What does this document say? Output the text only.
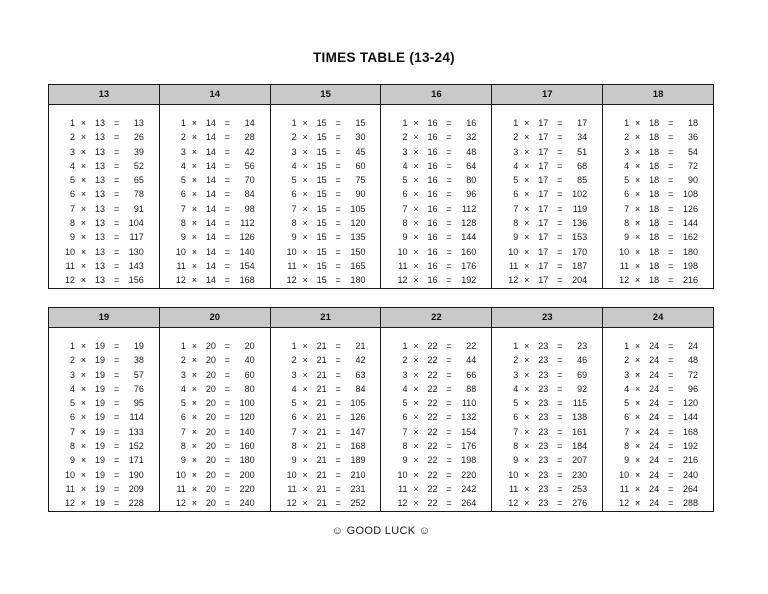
TIMES TABLE (13-24)
13	14	15	16	17	18

1 × 13 =	13
2 × 13 =	26
3 × 13 =	39
4 × 13 =	52
5 × 13 =	65
6 × 13 =	78
7 × 13 =	91
8 × 13 =	104
9 × 13 =	117
10 × 13 =	130
11 × 13 =	143
12 × 13 =	156

1 × 14 =	14
2 × 14 =	28
3 × 14 =	42
4 × 14 =	56
5 × 14 =	70
6 × 14 =	84
7 × 14 =	98
8 × 14 =	112
9 × 14 =	126
10 × 14 =	140
11 × 14 =	154
12 × 14 =	168

1 × 15 =	15
2 × 15 =	30
3 × 15 =	45
4 × 15 =	60
5 × 15 =	75
6 × 15 =	90
7 × 15 =	105
8 × 15 =	120
9 × 15 =	135
10 × 15 =	150
11 × 15 =	165
12 × 15 =	180

1 × 16 =	16
2 × 16 =	32
3 × 16 =	48
4 × 16 =	64
5 × 16 =	80
6 × 16 =	96
7 × 16 =	112
8 × 16 =	128
9 × 16 =	144
10 × 16 =	160
11 × 16 =	176
12 × 16 =	192

1 × 17 =	17
2 × 17 =	34
3 × 17 =	51
4 × 17 =	68
5 × 17 =	85
6 × 17 =	102
7 × 17 =	119
8 × 17 =	136
9 × 17 =	153
10 × 17 =	170
11 × 17 =	187
12 × 17 =	204

1 × 18 =	18
2 × 18 =	36
3 × 18 =	54
4 × 18 =	72
5 × 18 =	90
6 × 18 =	108
7 × 18 =	126
8 × 18 =	144
9 × 18 =	162
10 × 18 =	180
11 × 18 =	198
12 × 18 =	216
19	20	21	22	23	24

1 × 19 =	19
2 × 19 =	38
3 × 19 =	57
4 × 19 =	76
5 × 19 =	95
6 × 19 =	114
7 × 19 =	133
8 × 19 =	152
9 × 19 =	171
10 × 19 =	190
11 × 19 =	209
12 × 19 =	228

1 × 20 =	20
2 × 20 =	40
3 × 20 =	60
4 × 20 =	80
5 × 20 =	100
6 × 20 =	120
7 × 20 =	140
8 × 20 =	160
9 × 20 =	180
10 × 20 =	200
11 × 20 =	220
12 × 20 =	240

1 × 21 =	21
2 × 21 =	42
3 × 21 =	63
4 × 21 =	84
5 × 21 =	105
6 × 21 =	126
7 × 21 =	147
8 × 21 =	168
9 × 21 =	189
10 × 21 =	210
11 × 21 =	231
12 × 21 =	252

1 × 22 =	22
2 × 22 =	44
3 × 22 =	66
4 × 22 =	88
5 × 22 =	110
6 × 22 =	132
7 × 22 =	154
8 × 22 =	176
9 × 22 =	198
10 × 22 =	220
11 × 22 =	242
12 × 22 =	264

1 × 23 =	23
2 × 23 =	46
3 × 23 =	69
4 × 23 =	92
5 × 23 =	115
6 × 23 =	138
7 × 23 =	161
8 × 23 =	184
9 × 23 =	207
10 × 23 =	230
11 × 23 =	253
12 × 23 =	276

1 × 24 =	24
2 × 24 =	48
3 × 24 =	72
4 × 24 =	96
5 × 24 =	120
6 × 24 =	144
7 × 24 =	168
8 × 24 =	192
9 × 24 =	216
10 × 24 =	240
11 × 24 =	264
12 × 24 =	288
☺ GOOD LUCK ☺
